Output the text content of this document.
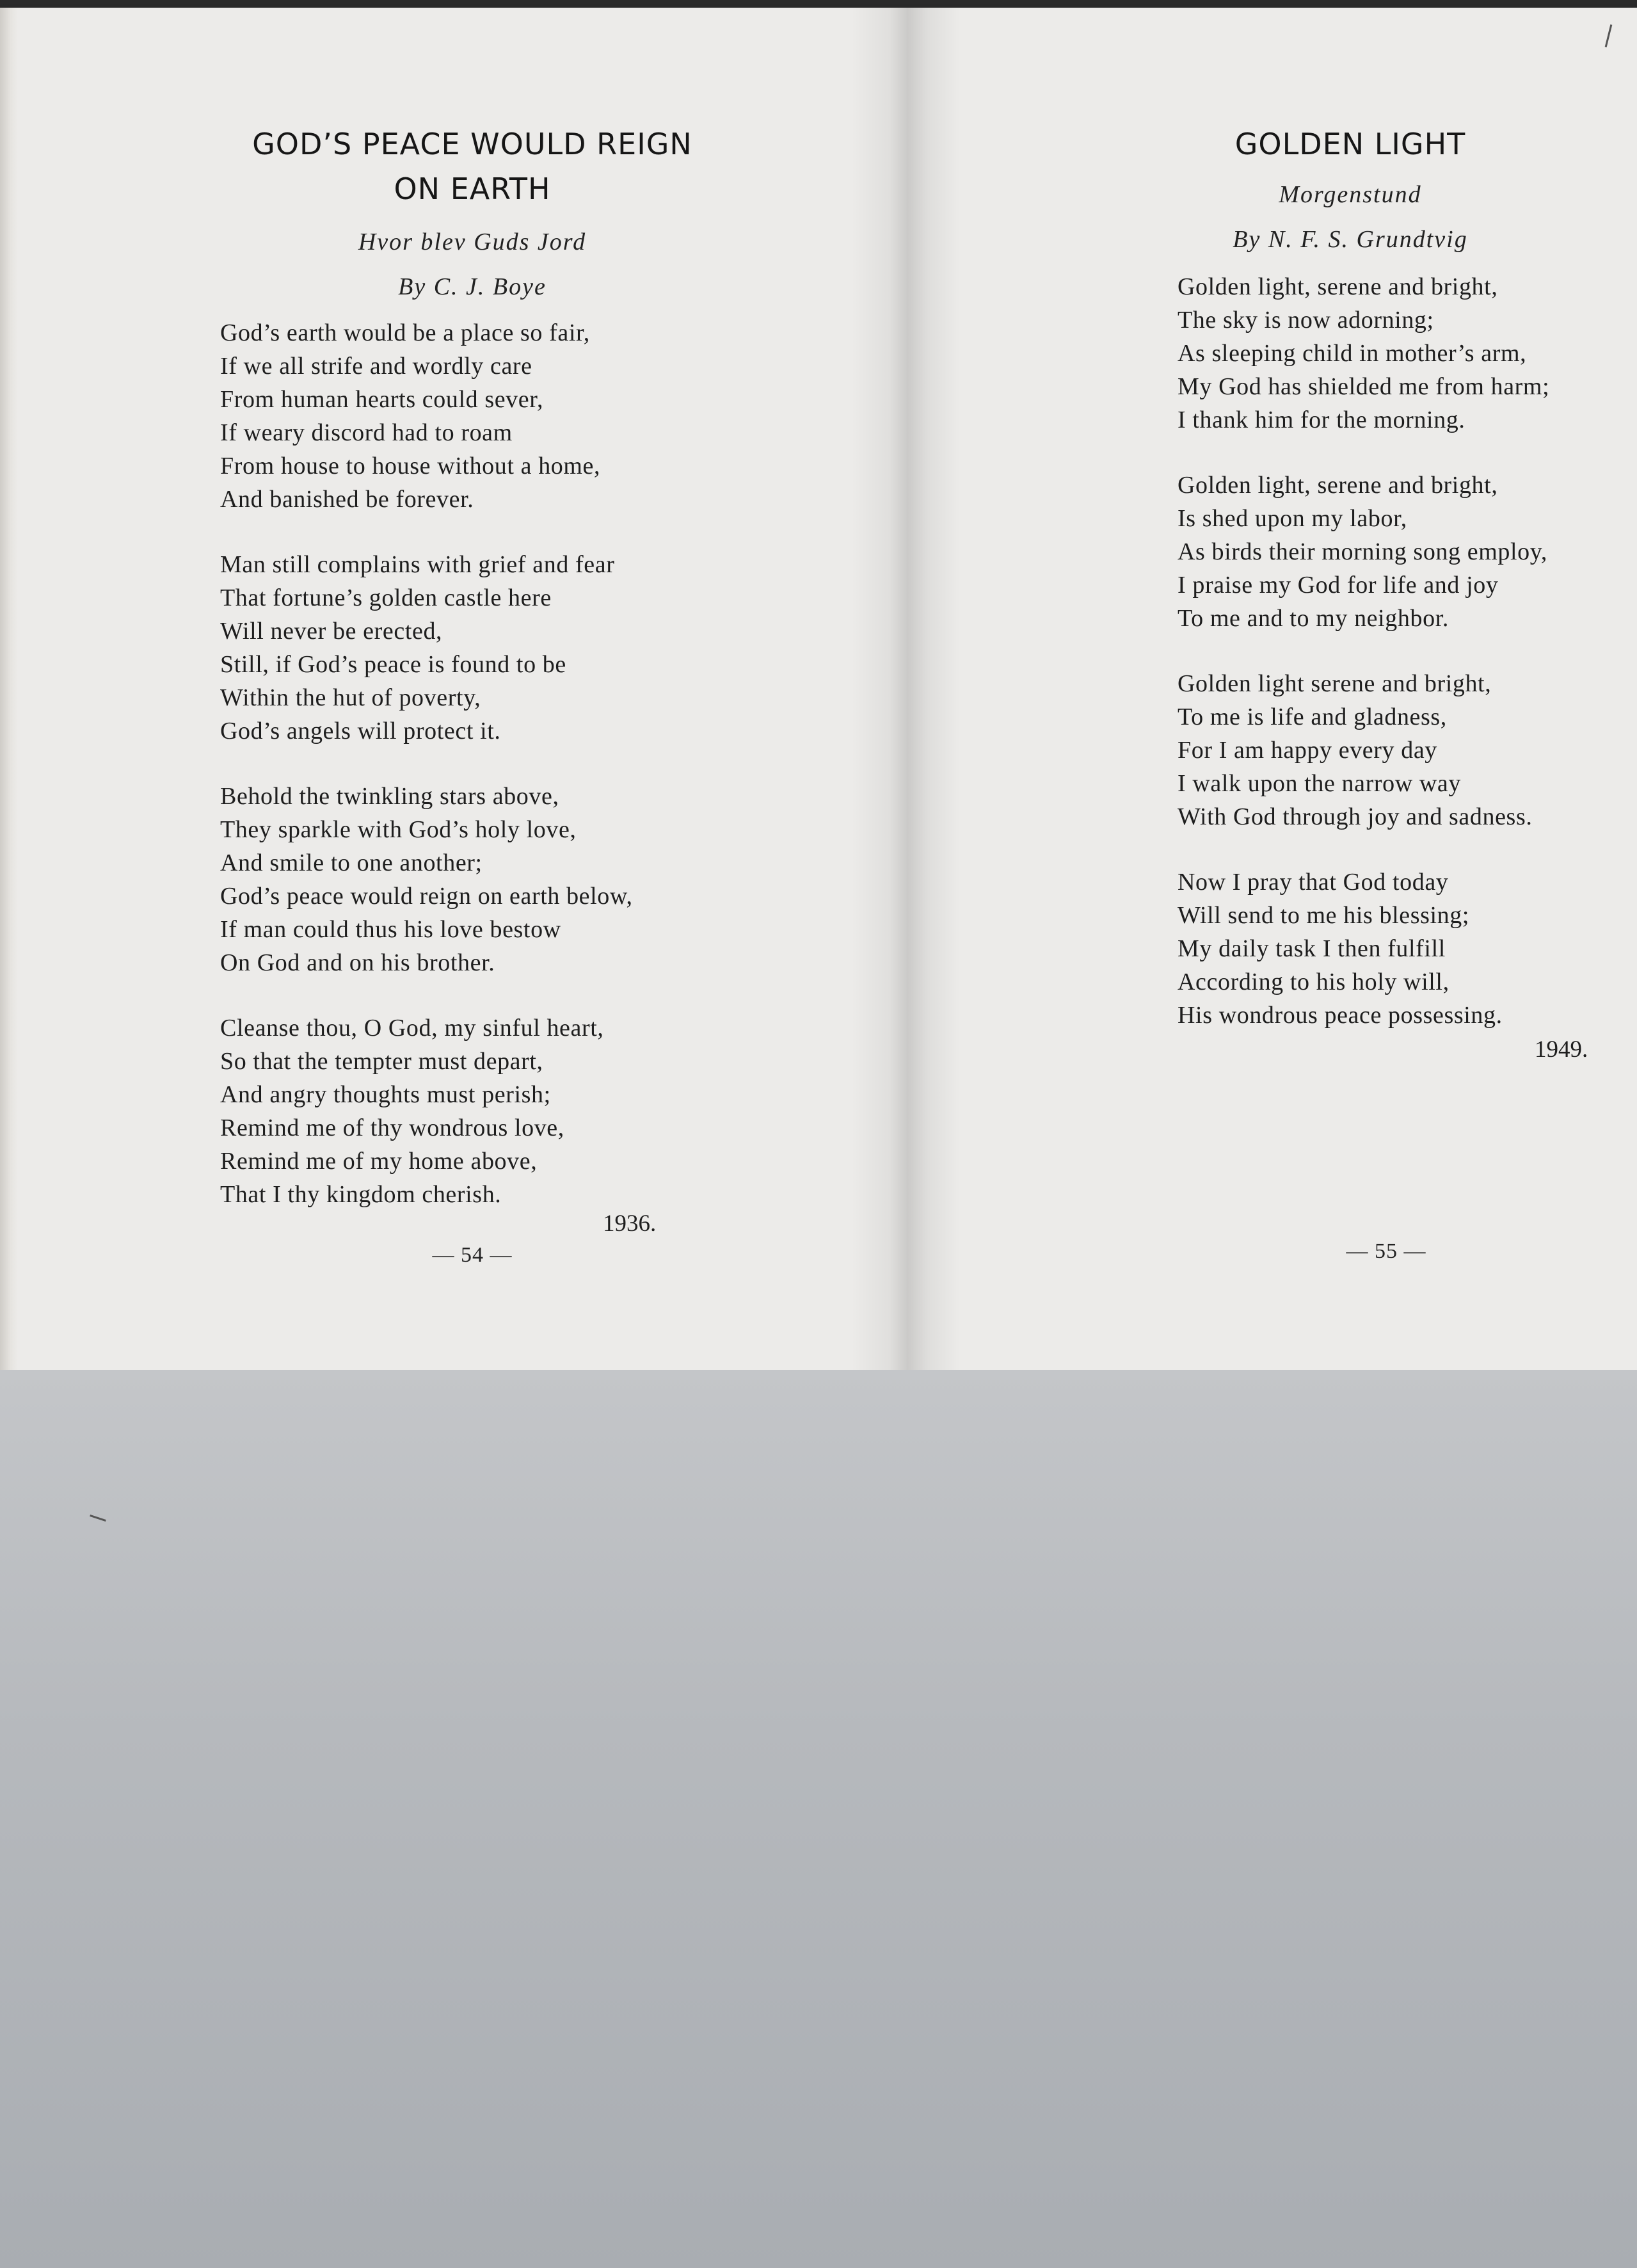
GOD’S PEACE WOULD REIGN
ON EARTH

Hvor blev Guds Jord

By C. J. Boye

God’s earth would be a place so fair,
If we all strife and wordly care
From human hearts could sever,
If weary discord had to roam
From house to house without a home,
And banished be forever.
Man still complains with grief and fear
That fortune’s golden castle here
Will never be erected,
Still, if God’s peace is found to be
Within the hut of poverty,
God’s angels will protect it.
Behold the twinkling stars above,
They sparkle with God’s holy love,
And smile to one another;
God’s peace would reign on earth below,
If man could thus his love bestow
On God and on his brother.
Cleanse thou, O God, my sinful heart,
So that the tempter must depart,
And angry thoughts must perish;
Remind me of thy wondrous love,
Remind me of my home above,
That I thy kingdom cherish.
1936.
— 54 —
GOLDEN LIGHT

Morgenstund

By N. F. S. Grundtvig

Golden light, serene and bright,
The sky is now adorning;
As sleeping child in mother’s arm,
My God has shielded me from harm;
I thank him for the morning.
Golden light, serene and bright,
Is shed upon my labor,
As birds their morning song employ,
I praise my God for life and joy
To me and to my neighbor.
Golden light serene and bright,
To me is life and gladness,
For I am happy every day
I walk upon the narrow way
With God through joy and sadness.
Now I pray that God today
Will send to me his blessing;
My daily task I then fulfill
According to his holy will,
His wondrous peace possessing.
1949.
— 55 —
